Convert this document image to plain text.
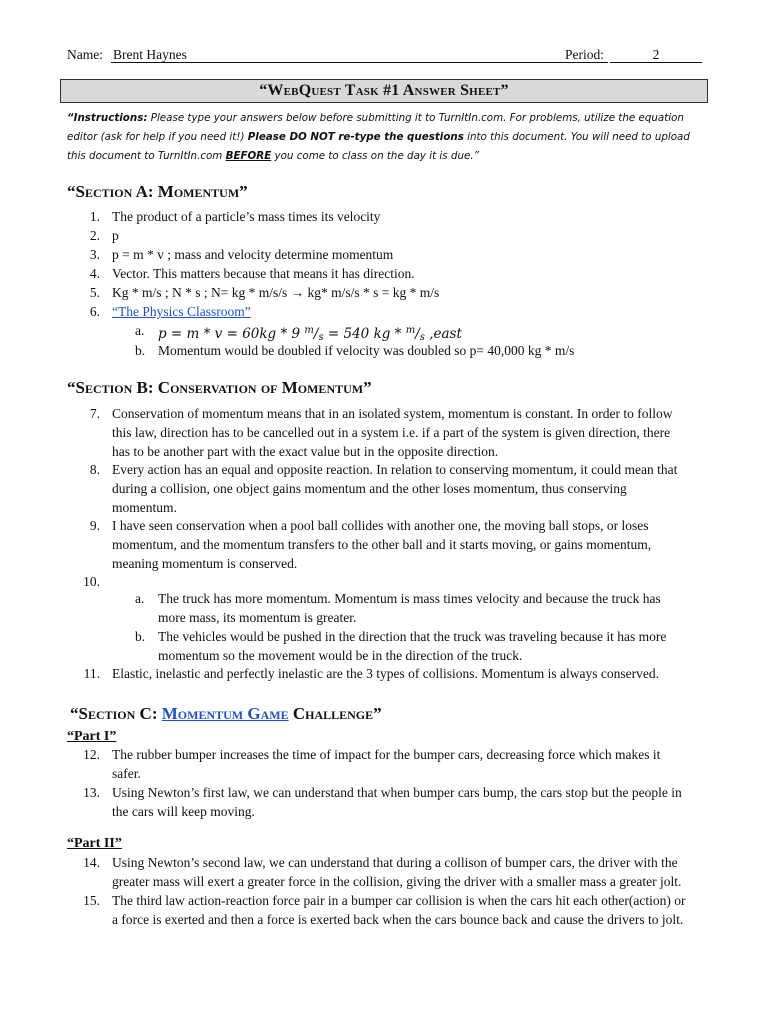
Name: Brent Haynes	Period:	2
“WebQuest Task #1 Answer Sheet”
“Instructions: Please type your answers below before submitting it to TurnItIn.com. For problems, utilize the equation editor (ask for help if you need it!) Please DO NOT re-type the questions into this document. You will need to upload this document to TurnItIn.com BEFORE you come to class on the day it is due.”
“Section A: Momentum”
1. The product of a particle’s mass times its velocity
2. p
3. p = m * v ; mass and velocity determine momentum
4. Vector. This matters because that means it has direction.
5. Kg * m/s ; N * s ; N= kg * m/s/s → kg* m/s/s * s = kg * m/s
6. “The Physics Classroom”
a.	p = m * v = 60kg * 9 $^m$/s = 540 kg * $^m$/s ,east
b. Momentum would be doubled if velocity was doubled so p= 40,000 kg * m/s
“Section B: Conservation of Momentum”
7. Conservation of momentum means that in an isolated system, momentum is constant. In order to follow
this law, direction has to be cancelled out in a system i.e. if a part of the system is given direction, there
has to be another part with the exact value but in the opposite direction.
8. Every action has an equal and opposite reaction. In relation to conserving momentum, it could mean that
during a collision, one object gains momentum and the other loses momentum, thus conserving
momentum.
9. I have seen conservation when a pool ball collides with another one, the moving ball stops, or loses
momentum, and the momentum transfers to the other ball and it starts moving, or gains momentum,
meaning momentum is conserved.
10.
a.	The truck has more momentum. Momentum is mass times velocity and because the truck has
more mass, its momentum is greater.
b. The vehicles would be pushed in the direction that the truck was traveling because it has more
momentum so the movement would be in the direction of the truck.
11. Elastic, inelastic and perfectly inelastic are the 3 types of collisions. Momentum is always conserved.
“Section C: Momentum Game Challenge”
“Part I”
12. The rubber bumper increases the time of impact for the bumper cars, decreasing force which makes it
safer.
13. Using Newton’s first law, we can understand that when bumper cars bump, the cars stop but the people in
the cars will keep moving.
“Part II”
14. Using Newton’s second law, we can understand that during a collison of bumper cars, the driver with the
greater mass will exert a greater force in the collision, giving the driver with a smaller mass a greater jolt.
15. The third law action-reaction force pair in a bumper car collision is when the cars hit each other(action) or
a force is exerted and then a force is exerted back when the cars bounce back and cause the drivers to jolt.
